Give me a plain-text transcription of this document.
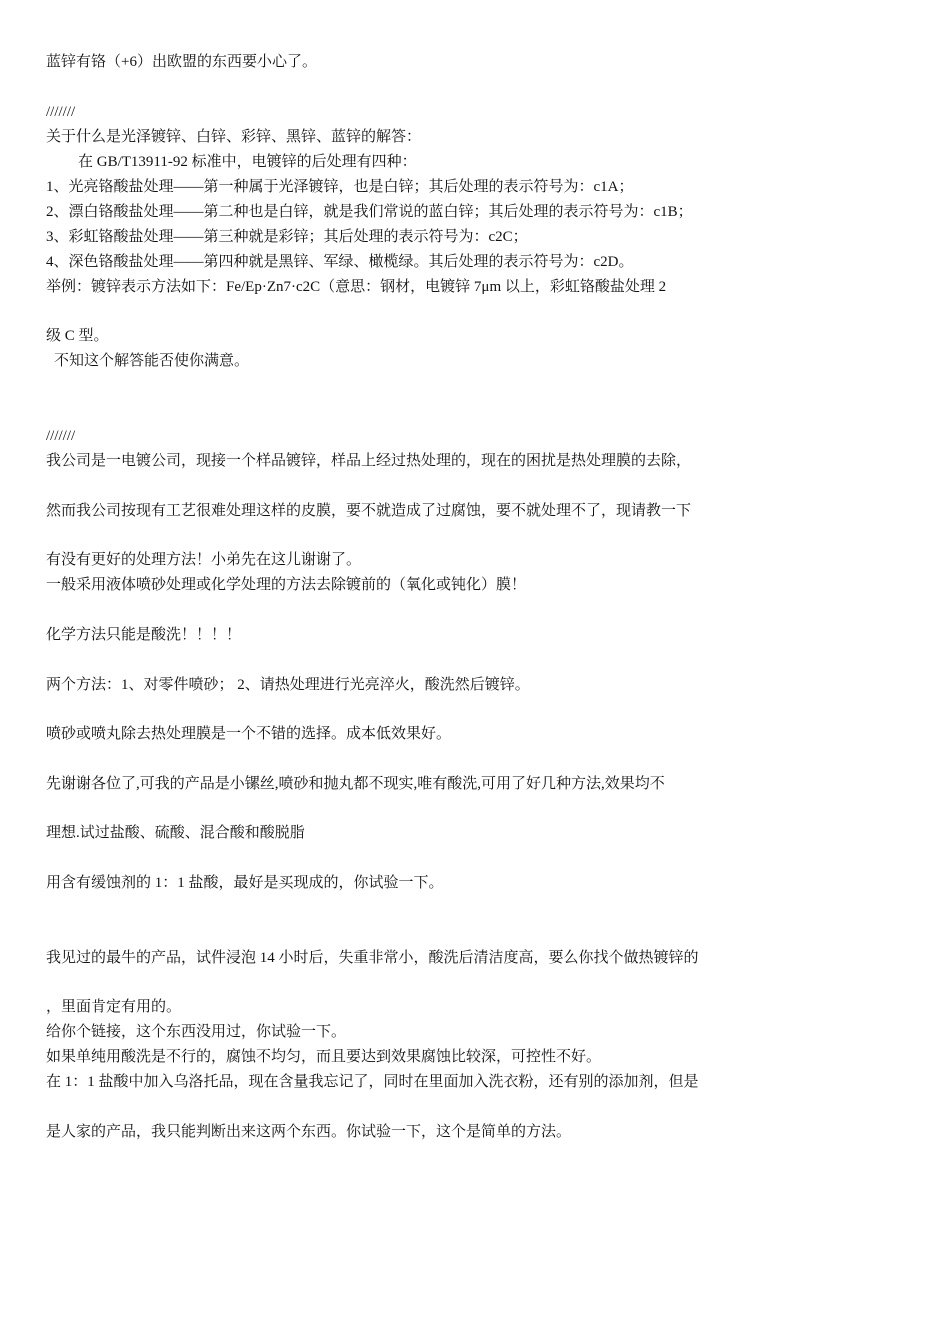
蓝锌有铬（+6）出欧盟的东西要小心了。
///////
关于什么是光泽镀锌、白锌、彩锌、黑锌、蓝锌的解答：
在 GB/T13911-92 标准中，电镀锌的后处理有四种：
1、光亮铬酸盐处理——第一种属于光泽镀锌，也是白锌；其后处理的表示符号为：c1A；
2、漂白铬酸盐处理——第二种也是白锌，就是我们常说的蓝白锌；其后处理的表示符号为：c1B；
3、彩虹铬酸盐处理——第三种就是彩锌；其后处理的表示符号为：c2C；
4、深色铬酸盐处理——第四种就是黑锌、军绿、橄榄绿。其后处理的表示符号为：c2D。
举例：镀锌表示方法如下：Fe/Ep·Zn7·c2C（意思：钢材，电镀锌 7μm 以上，彩虹铬酸盐处理 2
级 C 型。
不知这个解答能否使你满意。
///////
我公司是一电镀公司，现接一个样品镀锌，样品上经过热处理的，现在的困扰是热处理膜的去除，
然而我公司按现有工艺很难处理这样的皮膜，要不就造成了过腐蚀，要不就处理不了，现请教一下
有没有更好的处理方法！小弟先在这儿谢谢了。
一般采用液体喷砂处理或化学处理的方法去除镀前的（氧化或钝化）膜！
化学方法只能是酸洗！！！！
两个方法：1、对零件喷砂； 2、请热处理进行光亮淬火，酸洗然后镀锌。
喷砂或喷丸除去热处理膜是一个不错的选择。成本低效果好。
先谢谢各位了,可我的产品是小镙丝,喷砂和抛丸都不现实,唯有酸洗,可用了好几种方法,效果均不
理想.试过盐酸、硫酸、混合酸和酸脱脂
用含有缓蚀剂的 1：1 盐酸，最好是买现成的，你试验一下。
我见过的最牛的产品，试件浸泡 14 小时后，失重非常小，酸洗后清洁度高，要么你找个做热镀锌的
，里面肯定有用的。
给你个链接，这个东西没用过，你试验一下。
如果单纯用酸洗是不行的，腐蚀不均匀，而且要达到效果腐蚀比较深，可控性不好。
在 1：1 盐酸中加入乌洛托品，现在含量我忘记了，同时在里面加入洗衣粉，还有别的添加剂，但是
是人家的产品，我只能判断出来这两个东西。你试验一下，这个是简单的方法。
